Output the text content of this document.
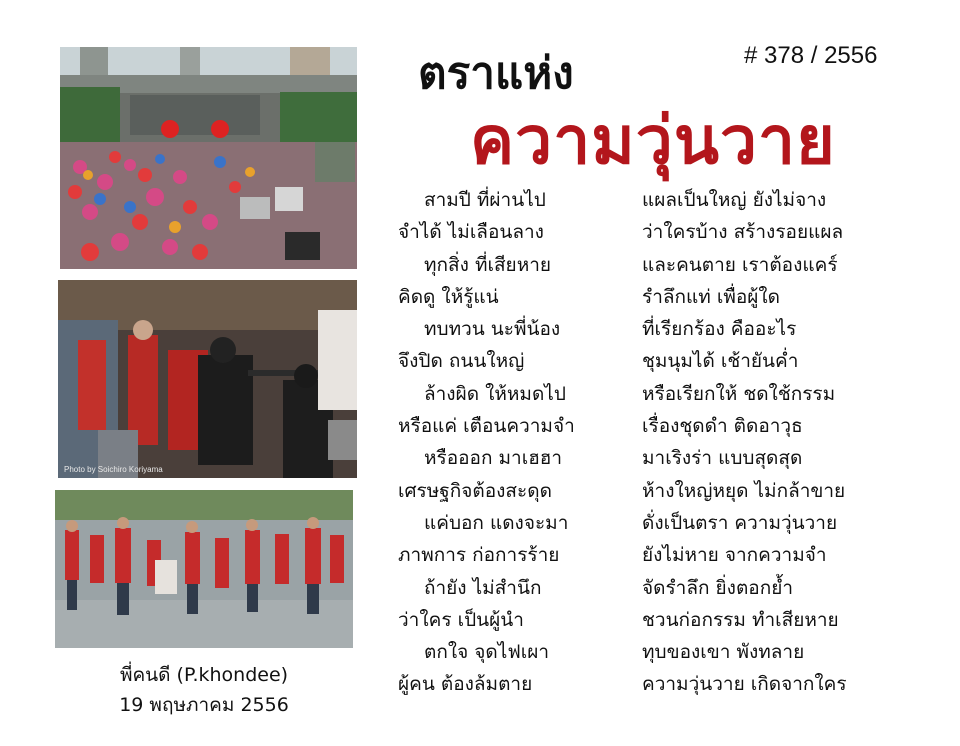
Photo by Soichiro Koriyama
พี่คนดี (P.khondee)
19 พฤษภาคม 2556
ตราแห่ง	# 378 / 2556
ความวุ่นวาย
สามปี ที่ผ่านไป
จำได้ ไม่เลือนลาง
ทุกสิ่ง ที่เสียหาย
คิดดู ให้รู้แน่
ทบทวน นะพี่น้อง
จึงปิด ถนนใหญ่
ล้างผิด ให้หมดไป
หรือแค่ เตือนความจำ
หรือออก มาเฮฮา
เศรษฐกิจต้องสะดุด
แค่บอก แดงจะมา
ภาพการ ก่อการร้าย
ถ้ายัง ไม่สำนึก
ว่าใคร เป็นผู้นำ
ตกใจ จุดไฟเผา
ผู้คน ต้องล้มตาย
แผลเป็นใหญ่ ยังไม่จาง
ว่าใครบ้าง สร้างรอยแผล
และคนตาย เราต้องแคร์
รำลึกแท่ เพื่อผู้ใด
ที่เรียกร้อง คืออะไร
ชุมนุมได้ เช้ายันค่ำ
หรือเรียกให้ ชดใช้กรรม
เรื่องชุดดำ ติดอาวุธ
มาเริงร่า แบบสุดสุด
ห้างใหญ่หยุด ไม่กล้าขาย
ดั่งเป็นตรา ความวุ่นวาย
ยังไม่หาย จากความจำ
จัดรำลึก ยิ่งตอกย้ำ
ชวนก่อกรรม ทำเสียหาย
ทุบของเขา พังทลาย
ความวุ่นวาย เกิดจากใคร
